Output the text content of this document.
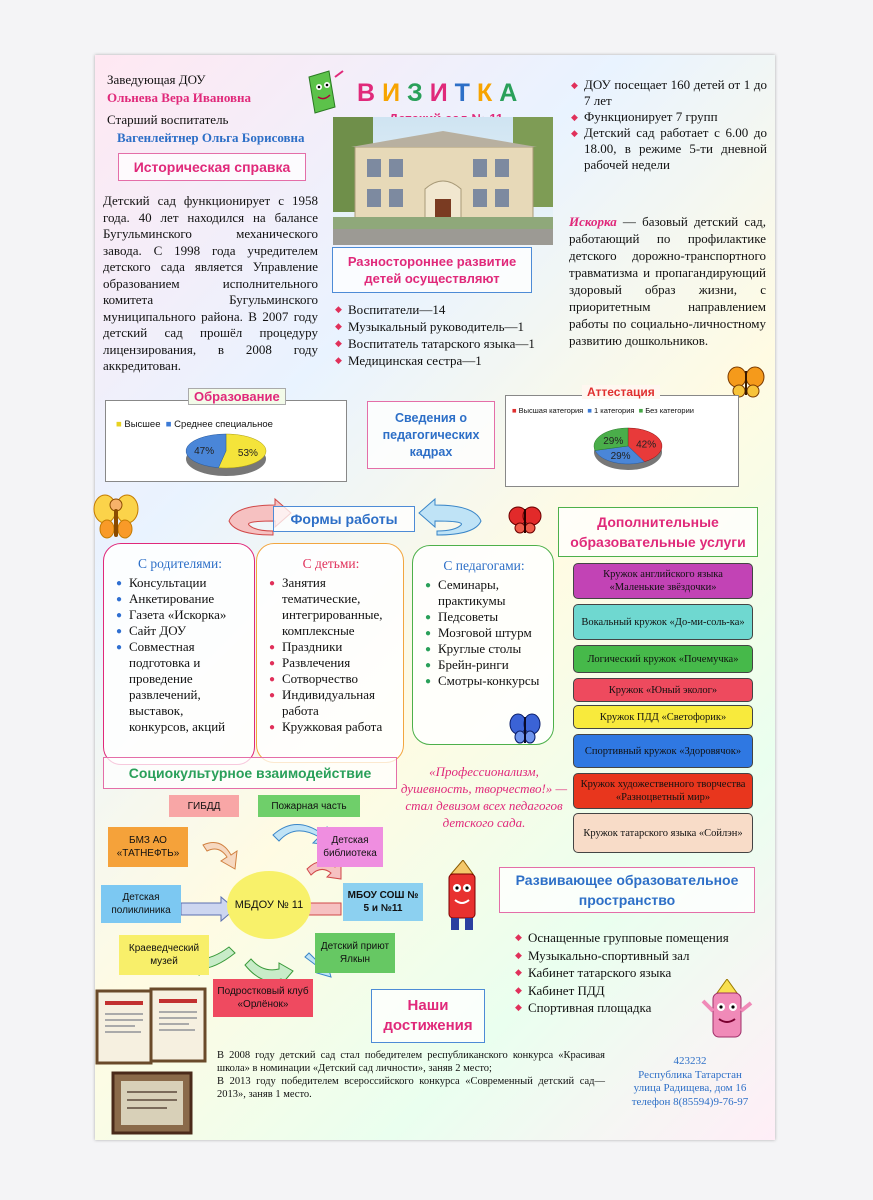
Заведующая ДОУ
Ольнева Вера Ивановна
Старший воспитатель
Вагенлейтнер Ольга Борисовна
ВИЗИТКА
◆	ДОУ посещает 160 детей от 1 до 7 лет
◆ Функционирует 7 групп
◆ Детский сад работает с 6.00 до 18.00, в режиме 5-ти дневной рабочей недели
Историческая справка
Детский сад функционирует с 1958 года. 40 лет находился на балансе Бугульминского механического завода. С 1998 года учредителем детского сада является Управление образованием исполнительного комитета Бугульминского муниципального района. В 2007 году детский сад прошёл процедуру лицензирования, в 2008 году аккредитован.
Разностороннее развитие детей осуществляют
◆ Воспитатели—14
◆ Музыкальный руководитель—1
◆ Воспитатель татарского языка—1
◆ Медицинская сестра—1
Искорка — базовый детский сад, работающий по профилактике детского дорожно-транспортного травматизма и пропагандирующий здоровый образ жизни, с приоритетным направлением работы по социально-личностному развитию дошкольников.
Образование
■ Высшее ■ Среднее специальное
53%
47%
Сведения о педагогических кадрах
Аттестация
■ Высшая категория ■ 1 категория ■ Без категории
42%
29%
29%
Формы работы
С родителями:
● Консультации
● Анкетирование
● Газета «Искорка»
● Сайт ДОУ
● Совместная подготовка и проведение развлечений, выставок, конкурсов, акций
С детьми:
● Занятия тематические, интегрированные, комплексные
● Праздники
● Развлечения
● Сотворчество
● Индивидуальная работа
● Кружковая работа
С педагогами:
● Семинары, практикумы
● Педсоветы
● Мозговой штурм
● Круглые столы
● Брейн-ринги
● Смотры-конкурсы
Дополнительные образовательные услуги
Социокультурное взаимодействие	«Профессионализм, душевность, творчество!» — стал девизом всех педагогов детского сада.
ГИБДД	Пожарная часть
БМЗ АО «ТАТНЕФТЬ»
Детская библиотека
МБДОУ № 11
Детская поликлиника
МБОУ СОШ № 5 и №11
Краеведческий музей
Детский приют Ялкын
Подростковый клуб «Орлёнок»
Развивающее образовательное пространство
◆ Оснащенные групповые помещения
◆ Музыкально-спортивный зал
◆ Кабинет татарского языка
◆ Кабинет ПДД
◆ Спортивная площадка
Наши достижения
В 2008 году детский сад стал победителем республиканского конкурса «Красивая школа» в номинации «Детский сад личности», заняв 2 место;
В 2013 году победителем всероссийского конкурса «Современный детский сад—2013», заняв 1 место.
423232
Республика Татарстан
улица Радищева, дом 16
телефон 8(85594)9-76-97
Кружок английского языка «Маленькие звёздочки»
Вокальный кружок «До-ми-соль-ка»
Логический кружок «Почемучка»
Кружок «Юный эколог»
Кружок ПДД «Светофорик»
Спортивный кружок «Здоровячок»
Кружок художественного творчества «Разноцветный мир»
Кружок татарского языка «Сойлэн»
